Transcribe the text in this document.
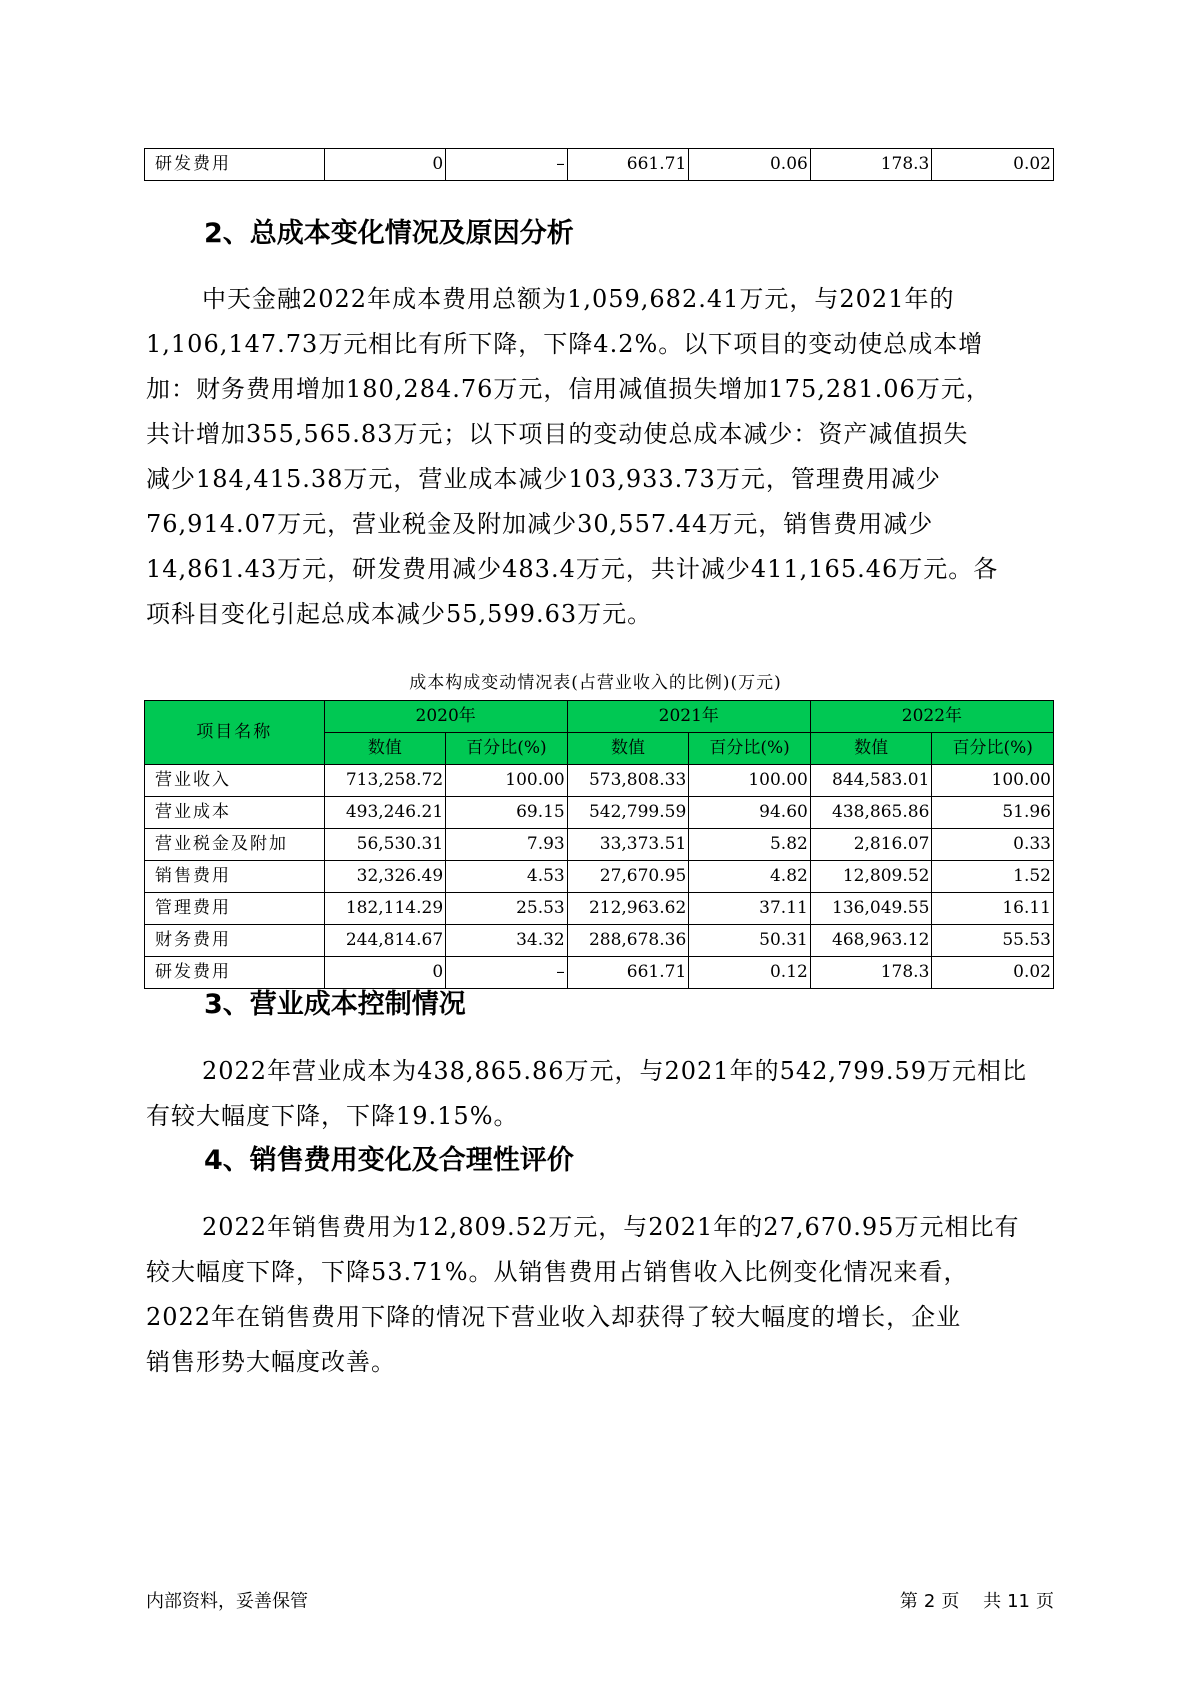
研发费用	0	–	661.71	0.06	178.3	0.02
2、总成本变化情况及原因分析
中天金融2022年成本费用总额为1,059,682.41万元，与2021年的
1,106,147.73万元相比有所下降，下降4.2%。以下项目的变动使总成本增
加：财务费用增加180,284.76万元，信用减值损失增加175,281.06万元，
共计增加355,565.83万元；以下项目的变动使总成本减少：资产减值损失
减少184,415.38万元，营业成本减少103,933.73万元，管理费用减少
76,914.07万元，营业税金及附加减少30,557.44万元，销售费用减少
14,861.43万元，研发费用减少483.4万元，共计减少411,165.46万元。各
项科目变化引起总成本减少55,599.63万元。

成本构成变动情况表(占营业收入的比例)(万元)

项目名称	2020年		2021年		2022年	
	数值	百分比(%)	数值	百分比(%)	数值	百分比(%)
营业收入	713,258.72	100.00	573,808.33	100.00	844,583.01	100.00
营业成本	493,246.21	69.15	542,799.59	94.60	438,865.86	51.96
营业税金及附加	56,530.31	7.93	33,373.51	5.82	2,816.07	0.33
销售费用	32,326.49	4.53	27,670.95	4.82	12,809.52	1.52
管理费用	182,114.29	25.53	212,963.62	37.11	136,049.55	16.11
财务费用	244,814.67	34.32	288,678.36	50.31	468,963.12	55.53
研发费用	0	–	661.71	0.12	178.3	0.02
3、营业成本控制情况
2022年营业成本为438,865.86万元，与2021年的542,799.59万元相比
有较大幅度下降，下降19.15%。
4、销售费用变化及合理性评价
2022年销售费用为12,809.52万元，与2021年的27,670.95万元相比有
较大幅度下降，下降53.71%。从销售费用占销售收入比例变化情况来看，
2022年在销售费用下降的情况下营业收入却获得了较大幅度的增长，企业
销售形势大幅度改善。
内部资料，妥善保管	第 2 页 共 11 页
